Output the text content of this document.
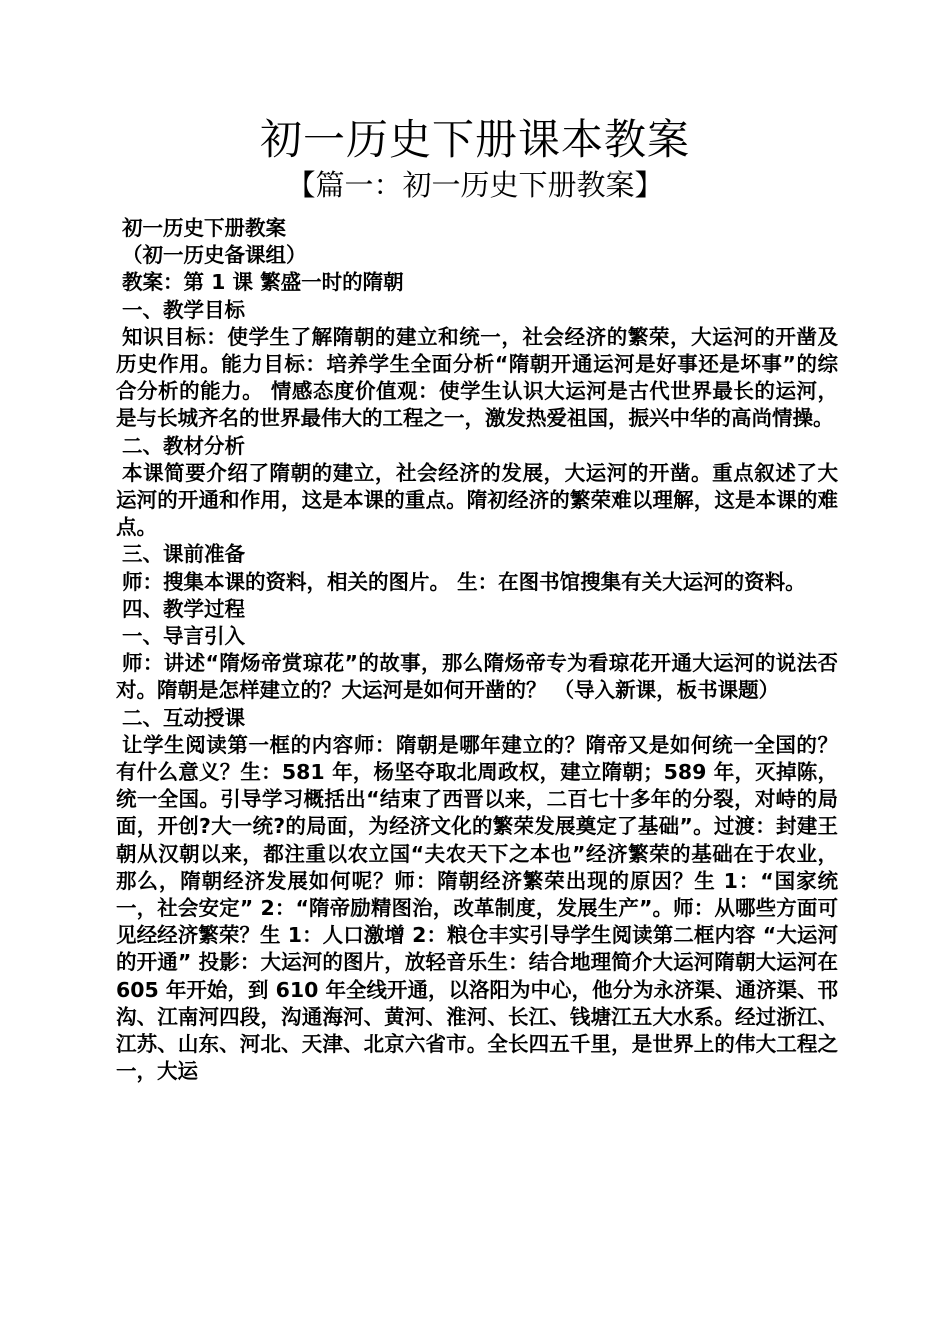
初一历史下册课本教案
【篇一：初一历史下册教案】

初一历史下册教案

（初一历史备课组）

教案：第 1 课 繁盛一时的隋朝

一、教学目标

知识目标：使学生了解隋朝的建立和统一，社会经济的繁荣，大运河的开凿及历史作用。能力目标：培养学生全面分析“隋朝开通运河是好事还是坏事”的综合分析的能力。 情感态度价值观：使学生认识大运河是古代世界最长的运河，是与长城齐名的世界最伟大的工程之一，激发热爱祖国，振兴中华的高尚情操。

二、教材分析

本课简要介绍了隋朝的建立，社会经济的发展，大运河的开凿。重点叙述了大运河的开通和作用，这是本课的重点。隋初经济的繁荣难以理解，这是本课的难点。

三、课前准备

师：搜集本课的资料，相关的图片。 生：在图书馆搜集有关大运河的资料。

四、教学过程

一、导言引入

师：讲述“隋炀帝赏琼花”的故事，那么隋炀帝专为看琼花开通大运河的说法否对。隋朝是怎样建立的？大运河是如何开凿的？ （导入新课，板书课题）

二、互动授课

让学生阅读第一框的内容师：隋朝是哪年建立的？隋帝又是如何统一全国的？有什么意义？生：581 年，杨坚夺取北周政权，建立隋朝；589 年，灭掉陈，统一全国。引导学习概括出“结束了西晋以来，二百七十多年的分裂，对峙的局面，开创?大一统?的局面，为经济文化的繁荣发展奠定了基础”。过渡：封建王朝从汉朝以来，都注重以农立国“夫农天下之本也”经济繁荣的基础在于农业，那么，隋朝经济发展如何呢？师：隋朝经济繁荣出现的原因？生 1：“国家统一，社会安定” 2：“隋帝励精图治，改革制度，发展生产”。师：从哪些方面可见经经济繁荣？生 1：人口激增 2：粮仓丰实引导学生阅读第二框内容 “大运河的开通” 投影：大运河的图片，放轻音乐生：结合地理简介大运河隋朝大运河在 605 年开始，到 610 年全线开通，以洛阳为中心，他分为永济渠、通济渠、邗沟、江南河四段，沟通海河、黄河、淮河、长江、钱塘江五大水系。经过浙江、江苏、山东、河北、天津、北京六省市。全长四五千里，是世界上的伟大工程之一，大运
